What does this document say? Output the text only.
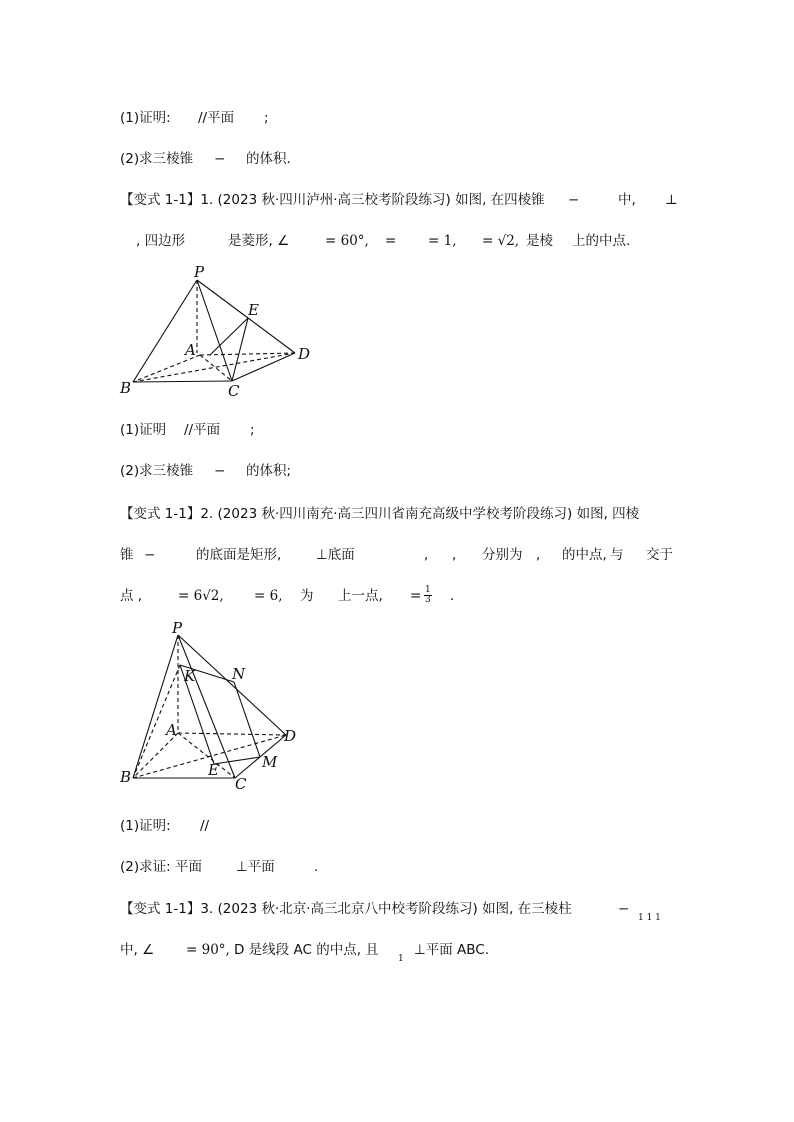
(1)证明: //平面 ;
(2)求三棱锥 − 的体积.
【变式 1-1】1. (2023 秋·四川泸州·高三校考阶段练习) 如图, 在四棱锥 −	中, ⊥
, 四边形	是菱形, ∠	= 60°, = = 1, = √2, 是棱 上的中点.
P
E
A	D
B	C
(1)证明 //平面 ;
(2)求三棱锥 − 的体积;
【变式 1-1】2. (2023 秋·四川南充·高三四川省南充高级中学校考阶段练习) 如图, 四棱
锥 −	的底面是矩形,	⊥底面	, , 分别为 , 的中点, 与 交于
点 ,	= 6√2, = 6, 为 上一点, = $\frac{1}{3}$ .
P
K N
A	D
M
E
B	C
(1)证明: //
(2)求证: 平面	⊥平面	.
【变式 1-1】3. (2023 秋·北京·高三北京八中校考阶段练习) 如图, 在三棱柱	−
1 1 1
中, ∠ = 90°, D 是线段 AC 的中点, 且
1
⊥平面 ABC.
